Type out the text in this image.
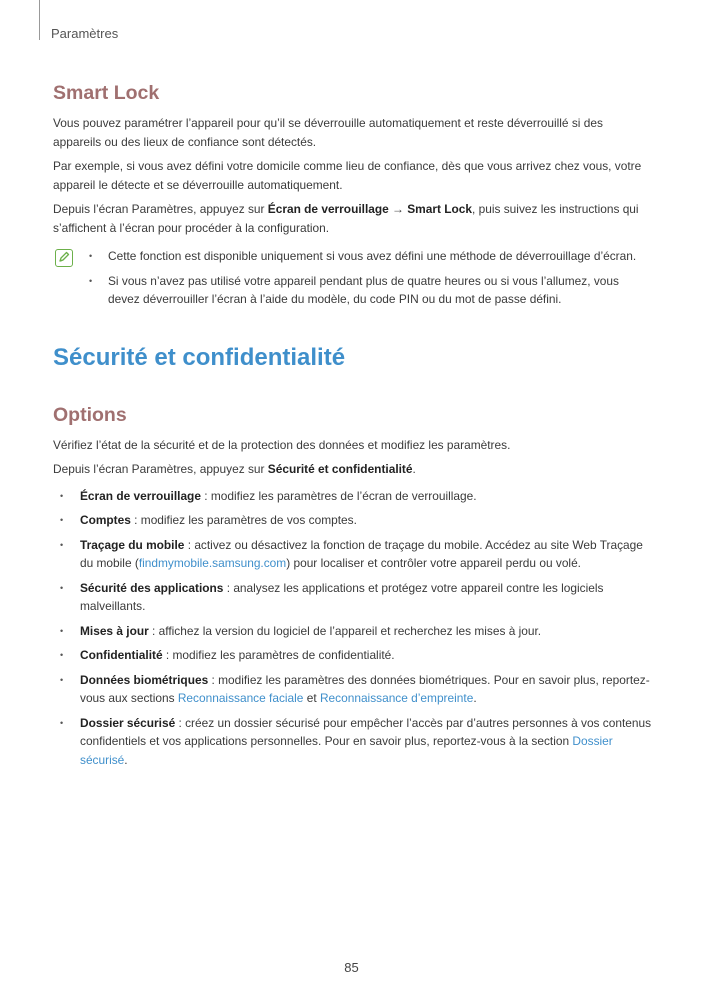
Paramètres
Smart Lock

Vous pouvez paramétrer l’appareil pour qu’il se déverrouille automatiquement et reste déverrouillé si des appareils ou des lieux de confiance sont détectés.

Par exemple, si vous avez défini votre domicile comme lieu de confiance, dès que vous arrivez chez vous, votre appareil le détecte et se déverrouille automatiquement.

Depuis l’écran Paramètres, appuyez sur Écran de verrouillage → Smart Lock, puis suivez les instructions qui s’affichent à l’écran pour procéder à la configuration.

• Cette fonction est disponible uniquement si vous avez défini une méthode de déverrouillage d’écran.
• Si vous n’avez pas utilisé votre appareil pendant plus de quatre heures ou si vous l’allumez, vous devez déverrouiller l’écran à l’aide du modèle, du code PIN ou du mot de passe défini.
Sécurité et confidentialité
Options

Vérifiez l’état de la sécurité et de la protection des données et modifiez les paramètres.

Depuis l’écran Paramètres, appuyez sur Sécurité et confidentialité.

• Écran de verrouillage : modifiez les paramètres de l’écran de verrouillage.
• Comptes : modifiez les paramètres de vos comptes.
• Traçage du mobile : activez ou désactivez la fonction de traçage du mobile. Accédez au site Web Traçage du mobile (findmymobile.samsung.com) pour localiser et contrôler votre appareil perdu ou volé.
• Sécurité des applications : analysez les applications et protégez votre appareil contre les logiciels malveillants.
• Mises à jour : affichez la version du logiciel de l’appareil et recherchez les mises à jour.
• Confidentialité : modifiez les paramètres de confidentialité.
• Données biométriques : modifiez les paramètres des données biométriques. Pour en savoir plus, reportez-vous aux sections Reconnaissance faciale et Reconnaissance d’empreinte.
• Dossier sécurisé : créez un dossier sécurisé pour empêcher l’accès par d’autres personnes à vos contenus confidentiels et vos applications personnelles. Pour en savoir plus, reportez-vous à la section Dossier sécurisé.
85
